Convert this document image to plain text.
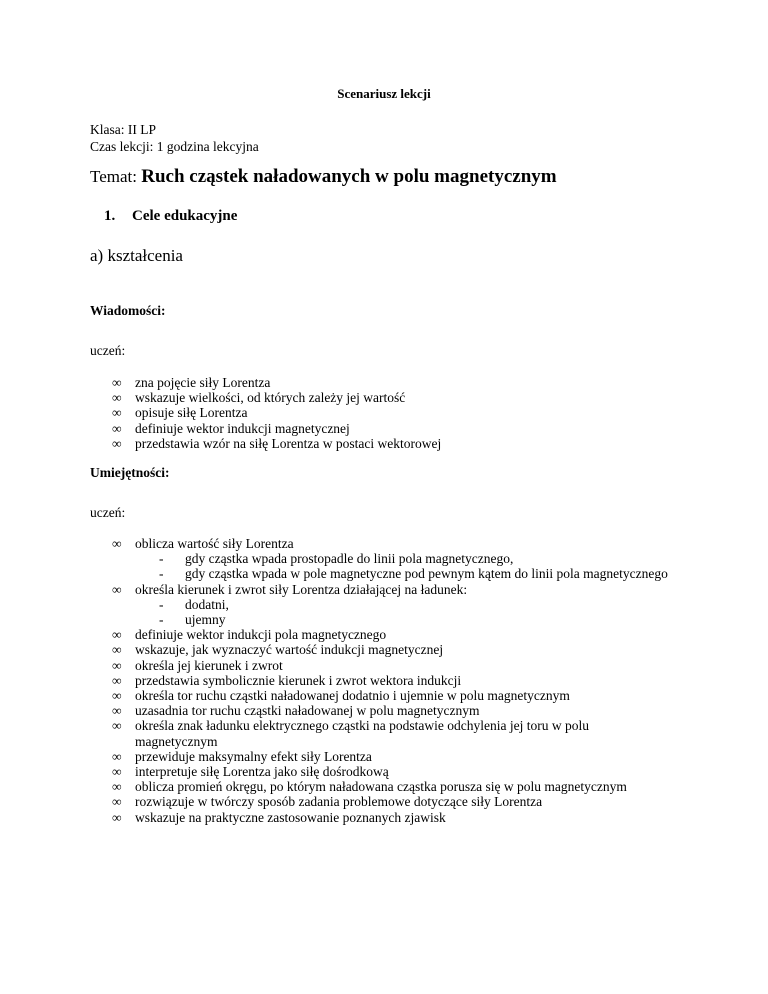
Scenariusz lekcji
Klasa: II LP
Czas lekcji: 1 godzina lekcyjna
Temat: Ruch cząstek naładowanych w polu magnetycznym
1. Cele edukacyjne
a) kształcenia
Wiadomości:
uczeń:
∞ zna pojęcie siły Lorentza
∞ wskazuje wielkości, od których zależy jej wartość
∞ opisuje siłę Lorentza
∞ definiuje wektor indukcji magnetycznej
∞ przedstawia wzór na siłę Lorentza w postaci wektorowej
Umiejętności:
uczeń:
∞ oblicza wartość siły Lorentza
- gdy cząstka wpada prostopadle do linii pola magnetycznego,
- gdy cząstka wpada w pole magnetyczne pod pewnym kątem do linii pola magnetycznego
∞ określa kierunek i zwrot siły Lorentza działającej na ładunek:
- dodatni,
- ujemny
∞ definiuje wektor indukcji pola magnetycznego
∞ wskazuje, jak wyznaczyć wartość indukcji magnetycznej
∞ określa jej kierunek i zwrot
∞ przedstawia symbolicznie kierunek i zwrot wektora indukcji
∞ określa tor ruchu cząstki naładowanej dodatnio i ujemnie w polu magnetycznym
∞ uzasadnia tor ruchu cząstki naładowanej w polu magnetycznym
∞ określa znak ładunku elektrycznego cząstki na podstawie odchylenia jej toru w polu magnetycznym
∞ przewiduje maksymalny efekt siły Lorentza
∞ interpretuje siłę Lorentza jako siłę dośrodkową
∞ oblicza promień okręgu, po którym naładowana cząstka porusza się w polu magnetycznym
∞ rozwiązuje w twórczy sposób zadania problemowe dotyczące siły Lorentza
∞ wskazuje na praktyczne zastosowanie poznanych zjawisk
